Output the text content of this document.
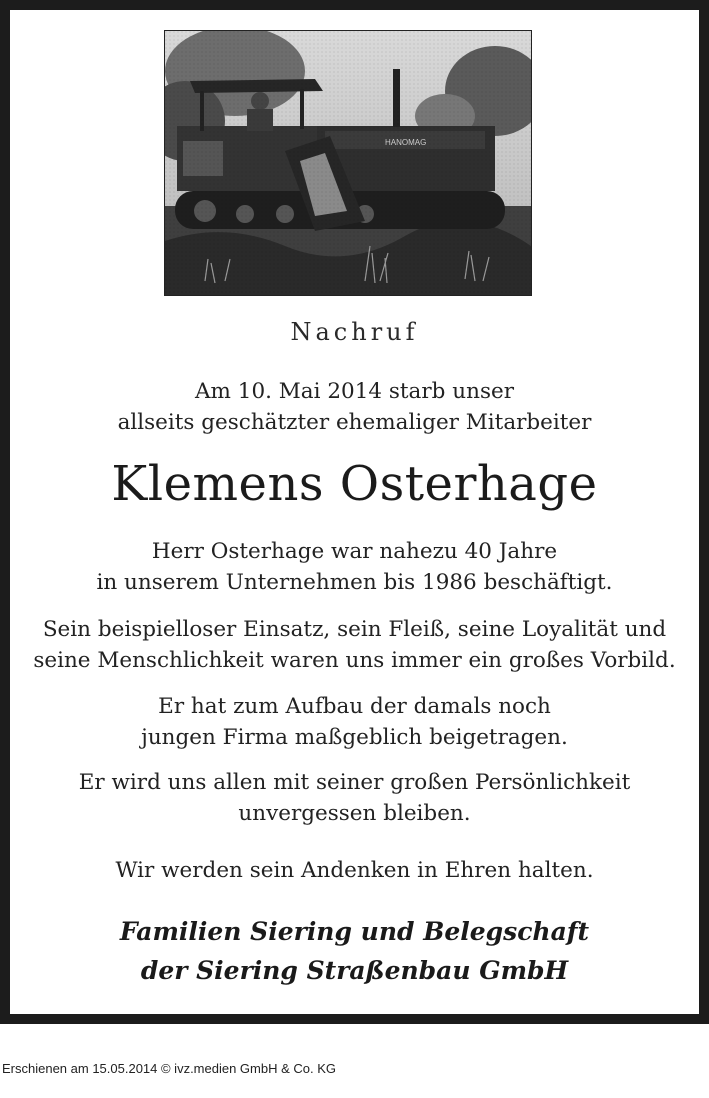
Nachruf
Am 10. Mai 2014 starb unser
allseits geschätzter ehemaliger Mitarbeiter
Klemens Osterhage
Herr Osterhage war nahezu 40 Jahre
in unserem Unternehmen bis 1986 beschäftigt.
Sein beispielloser Einsatz, sein Fleiß, seine Loyalität und
seine Menschlichkeit waren uns immer ein großes Vorbild.
Er hat zum Aufbau der damals noch
jungen Firma maßgeblich beigetragen.
Er wird uns allen mit seiner großen Persönlichkeit
unvergessen bleiben.
Wir werden sein Andenken in Ehren halten.
Familien Siering und Belegschaft
der Siering Straßenbau GmbH
Erschienen am 15.05.2014 © ivz.medien GmbH & Co. KG
